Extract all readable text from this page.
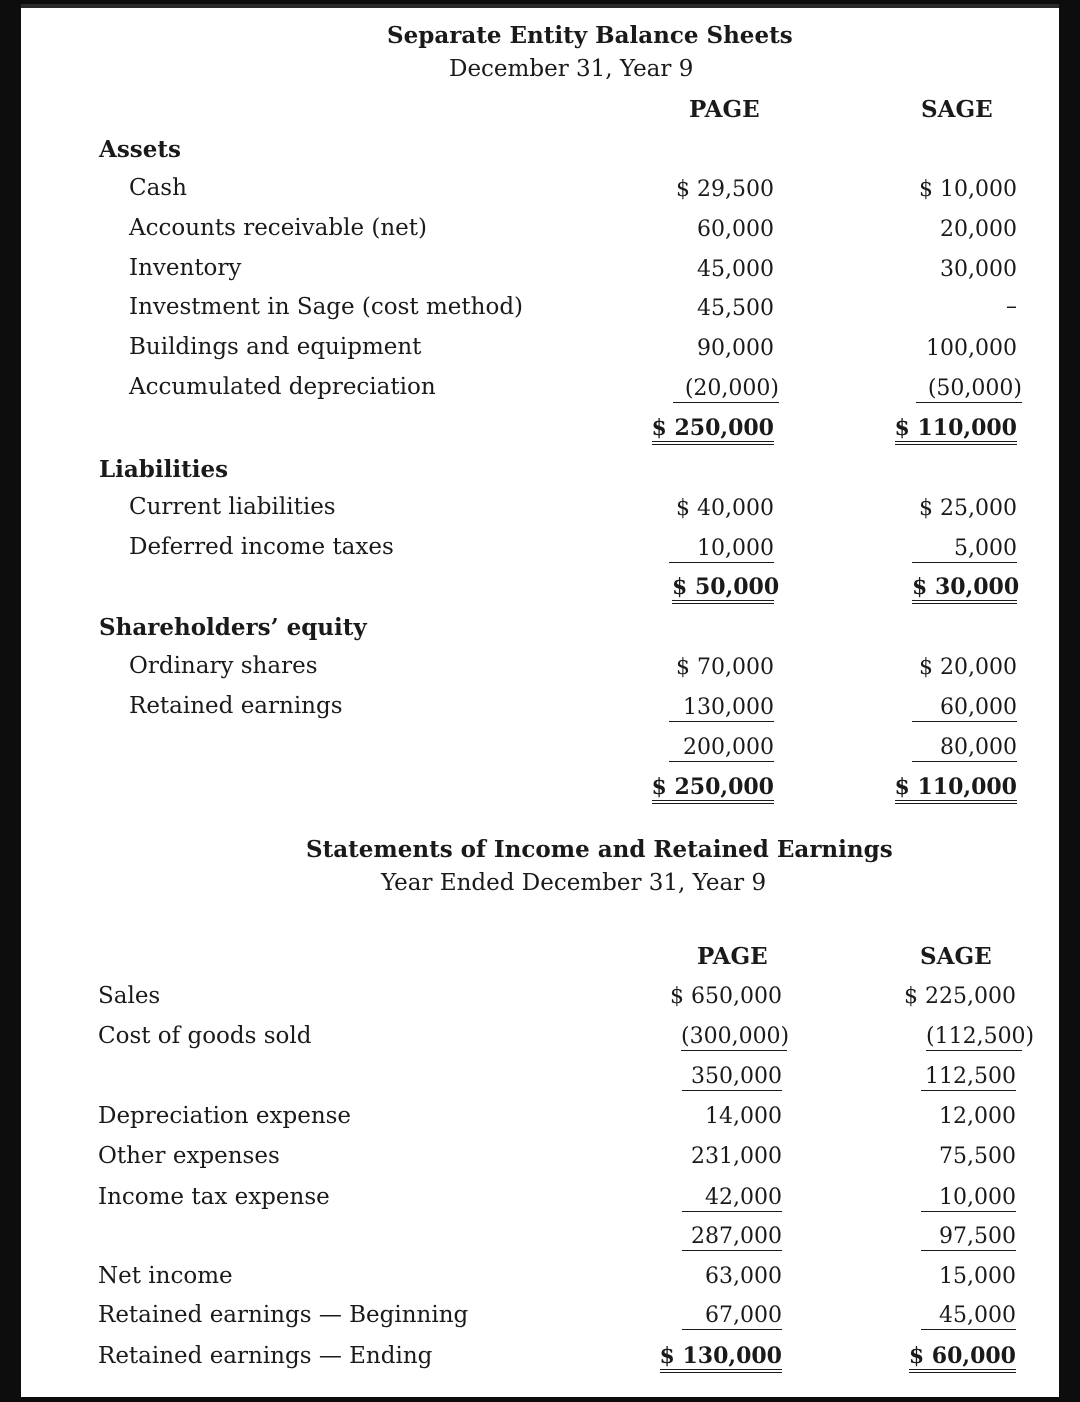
Separate Entity Balance Sheets
December 31, Year 9
PAGE	SAGE
Assets
Cash	$ 29,500	$ 10,000
Accounts receivable (net)	60,000	20,000
Inventory	45,000	30,000
Investment in Sage (cost method)	45,500	–
Buildings and equipment	90,000	100,000
Accumulated depreciation	(20,000)	(50,000)
$ 250,000	$ 110,000
Liabilities
Current liabilities	$ 40,000	$ 25,000
Deferred income taxes	10,000	5,000
$ 50,000	$ 30,000
Shareholders’ equity
Ordinary shares	$ 70,000	$ 20,000
Retained earnings	130,000	60,000
200,000	80,000
$ 250,000	$ 110,000
Statements of Income and Retained Earnings
Year Ended December 31, Year 9
PAGE	SAGE
Sales	$ 650,000	$ 225,000
Cost of goods sold	(300,000)	(112,500)
350,000	112,500
Depreciation expense	14,000	12,000
Other expenses	231,000	75,500
Income tax expense	42,000	10,000
287,000	97,500
Net income	63,000	15,000
Retained earnings — Beginning	67,000	45,000
Retained earnings — Ending	$ 130,000	$ 60,000
